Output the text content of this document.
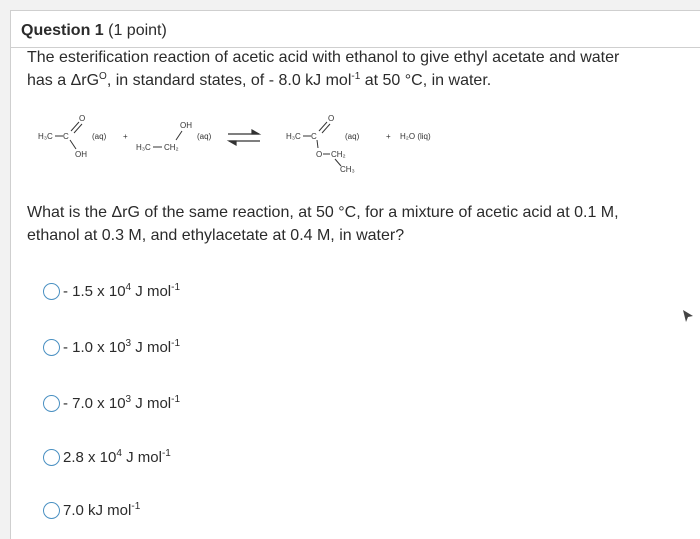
Question 1 (1 point)
The esterification reaction of acetic acid with ethanol to give ethyl acetate and water
has a ΔrG$^O$, in standard states, of - 8.0 kJ mol$^{-1}$ at 50 °C, in water.
H₃C C
O
OH
(aq) +
OH
H₃C CH₂
(aq)	H₃C C
O
O CH₂
CH₃
(aq)	+ H₂O (liq)
What is the ΔrG of the same reaction, at 50 °C, for a mixture of acetic acid at 0.1 M,
ethanol at 0.3 M, and ethylacetate at 0.4 M, in water?
- 1.5 x $10^4$ J mol$^{-1}$
- 1.0 x $10^3$ J mol$^{-1}$
- 7.0 x $10^3$ J mol$^{-1}$
2.8 x $10^4$ J mol$^{-1}$
7.0 kJ mol$^{-1}$
